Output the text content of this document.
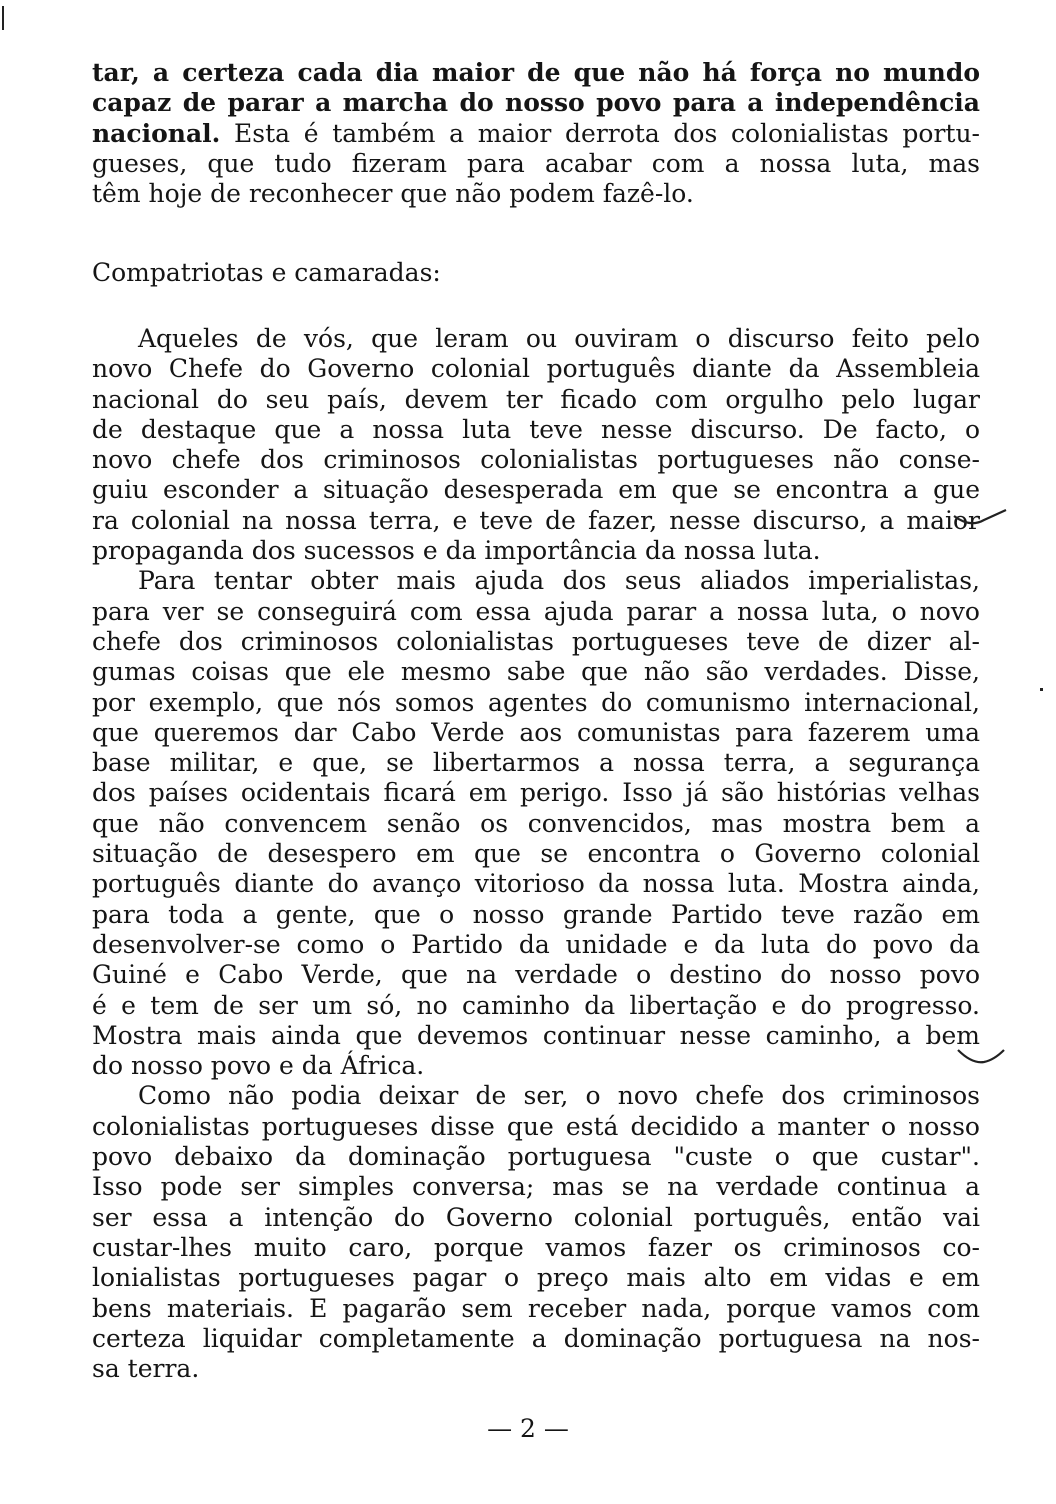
tar, a certeza cada dia maior de que não há força no mundo
capaz de parar a marcha do nosso povo para a independência
nacional. Esta é também a maior derrota dos colonialistas portu-
gueses, que tudo fizeram para acabar com a nossa luta, mas
têm hoje de reconhecer que não podem fazê-lo.
Compatriotas e camaradas:
Aqueles de vós, que leram ou ouviram o discurso feito pelo
novo Chefe do Governo colonial português diante da Assembleia
nacional do seu país, devem ter ficado com orgulho pelo lugar
de destaque que a nossa luta teve nesse discurso. De facto, o
novo chefe dos criminosos colonialistas portugueses não conse-
guiu esconder a situação desesperada em que se encontra a gue
ra colonial na nossa terra, e teve de fazer, nesse discurso, a maior
propaganda dos sucessos e da importância da nossa luta.
Para tentar obter mais ajuda dos seus aliados imperialistas,
para ver se conseguirá com essa ajuda parar a nossa luta, o novo
chefe dos criminosos colonialistas portugueses teve de dizer al-
gumas coisas que ele mesmo sabe que não são verdades. Disse,
por exemplo, que nós somos agentes do comunismo internacional,
que queremos dar Cabo Verde aos comunistas para fazerem uma
base militar, e que, se libertarmos a nossa terra, a segurança
dos países ocidentais ficará em perigo. Isso já são histórias velhas
que não convencem senão os convencidos, mas mostra bem a
situação de desespero em que se encontra o Governo colonial
português diante do avanço vitorioso da nossa luta. Mostra ainda,
para toda a gente, que o nosso grande Partido teve razão em
desenvolver-se como o Partido da unidade e da luta do povo da
Guiné e Cabo Verde, que na verdade o destino do nosso povo
é e tem de ser um só, no caminho da libertação e do progresso.
Mostra mais ainda que devemos continuar nesse caminho, a bem
do nosso povo e da África.
Como não podia deixar de ser, o novo chefe dos criminosos
colonialistas portugueses disse que está decidido a manter o nosso
povo debaixo da dominação portuguesa "custe o que custar".
Isso pode ser simples conversa; mas se na verdade continua a
ser essa a intenção do Governo colonial português, então vai
custar-lhes muito caro, porque vamos fazer os criminosos co-
lonialistas portugueses pagar o preço mais alto em vidas e em
bens materiais. E pagarão sem receber nada, porque vamos com
certeza liquidar completamente a dominação portuguesa na nos-
sa terra.
— 2 —
